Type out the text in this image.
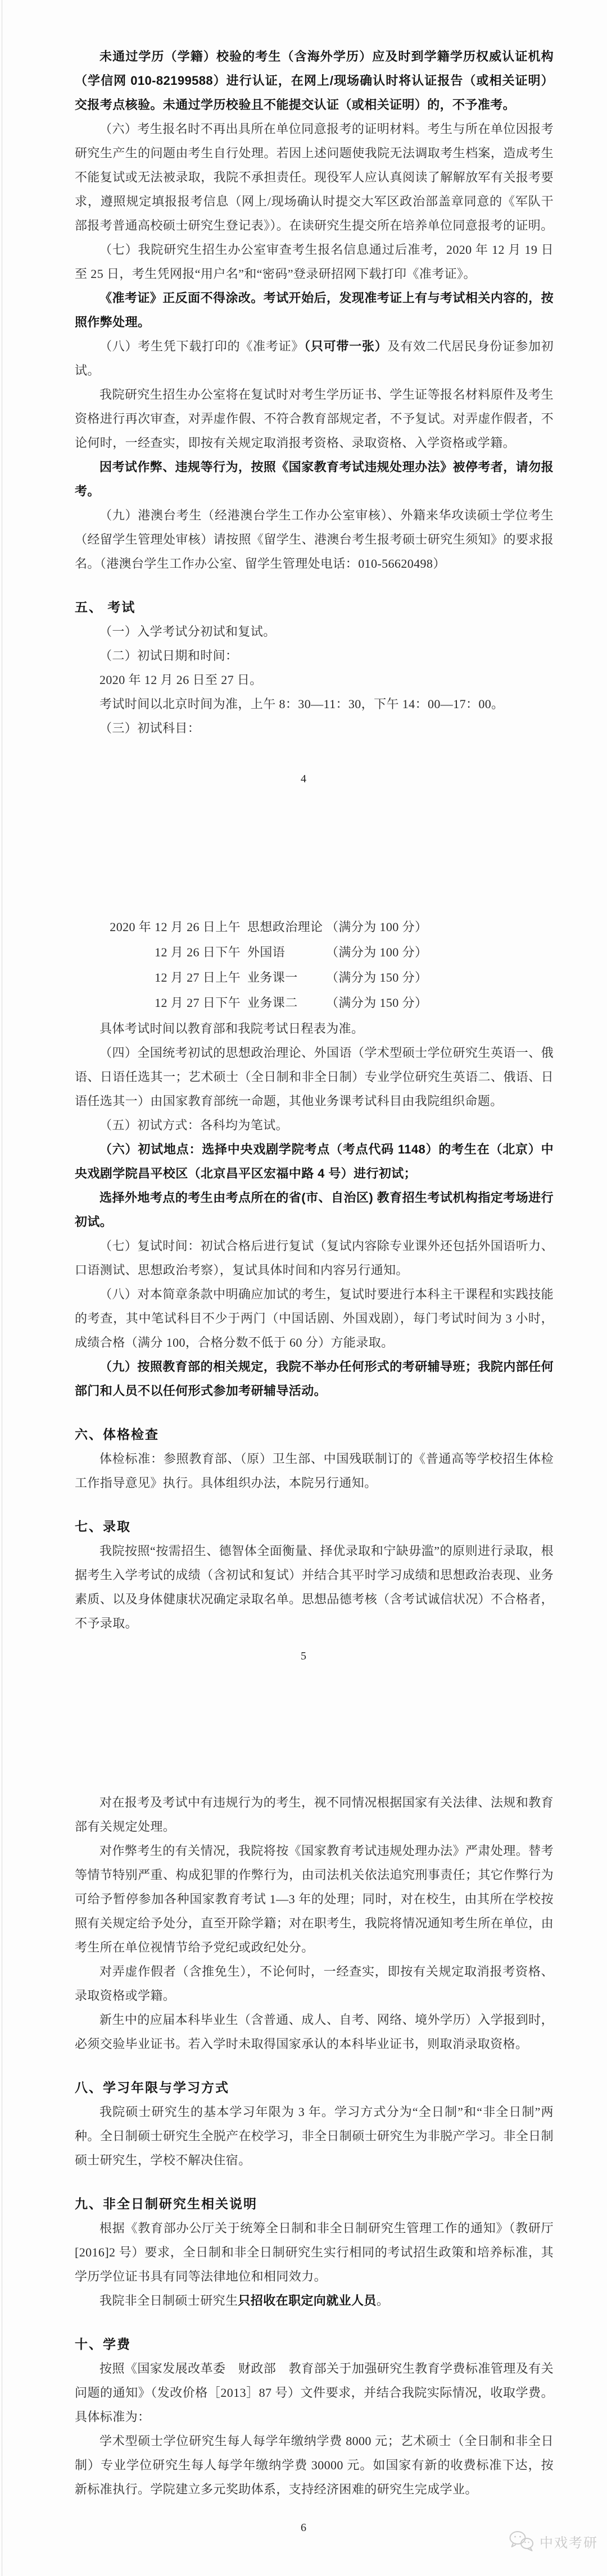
未通过学历（学籍）校验的考生（含海外学历）应及时到学籍学历权威认证机构（学信网 010-82199588）进行认证，在网上/现场确认时将认证报告（或相关证明）交报考点核验。未通过学历校验且不能提交认证（或相关证明）的，不予准考。

（六）考生报名时不再出具所在单位同意报考的证明材料。考生与所在单位因报考研究生产生的问题由考生自行处理。若因上述问题使我院无法调取考生档案，造成考生不能复试或无法被录取，我院不承担责任。现役军人应认真阅读了解解放军有关报考要求，遵照规定填报报考信息（网上/现场确认时提交大军区政治部盖章同意的《军队干部报考普通高校硕士研究生登记表》）。在读研究生提交所在培养单位同意报考的证明。

（七）我院研究生招生办公室审查考生报名信息通过后准考，2020 年 12 月 19 日至 25 日，考生凭网报“用户名”和“密码”登录研招网下载打印《准考证》。

《准考证》正反面不得涂改。考试开始后，发现准考证上有与考试相关内容的，按照作弊处理。

（八）考生凭下载打印的《准考证》（只可带一张）及有效二代居民身份证参加初试。

我院研究生招生办公室将在复试时对考生学历证书、学生证等报名材料原件及考生资格进行再次审查，对弄虚作假、不符合教育部规定者，不予复试。对弄虚作假者，不论何时，一经查实，即按有关规定取消报考资格、录取资格、入学资格或学籍。

因考试作弊、违规等行为，按照《国家教育考试违规处理办法》被停考者，请勿报考。

（九）港澳台考生（经港澳台学生工作办公室审核）、外籍来华攻读硕士学位考生（经留学生管理处审核）请按照《留学生、港澳台考生报考硕士研究生须知》的要求报名。（港澳台学生工作办公室、留学生管理处电话：010-56620498）

五、 考试

（一）入学考试分初试和复试。

（二）初试日期和时间：

2020 年 12 月 26 日至 27 日。

考试时间以北京时间为准，上午 8：30—11：30，下午 14：00—17：00。

（三）初试科目：

4
2020 年 12 月 26 日上午 思想政治理论 （满分为 100 分）
12 月 26 日下午 外国语	（满分为 100 分）
12 月 27 日上午 业务课一	（满分为 150 分）
12 月 27 日下午 业务课二	（满分为 150 分）

具体考试时间以教育部和我院考试日程表为准。

（四）全国统考初试的思想政治理论、外国语（学术型硕士学位研究生英语一、俄语、日语任选其一；艺术硕士（全日制和非全日制）专业学位研究生英语二、俄语、日语任选其一）由国家教育部统一命题，其他业务课考试科目由我院组织命题。

（五）初试方式：各科均为笔试。

（六）初试地点：选择中央戏剧学院考点（考点代码 1148）的考生在（北京）中央戏剧学院昌平校区（北京昌平区宏福中路 4 号）进行初试；

选择外地考点的考生由考点所在的省(市、自治区) 教育招生考试机构指定考场进行初试。

（七）复试时间：初试合格后进行复试（复试内容除专业课外还包括外国语听力、口语测试、思想政治考察），复试具体时间和内容另行通知。

（八）对本简章条款中明确应加试的考生，复试时要进行本科主干课程和实践技能的考查，其中笔试科目不少于两门（中国话剧、外国戏剧），每门考试时间为 3 小时，成绩合格（满分 100，合格分数不低于 60 分）方能录取。

（九）按照教育部的相关规定，我院不举办任何形式的考研辅导班；我院内部任何部门和人员不以任何形式参加考研辅导活动。

六、体格检查

体检标准：参照教育部、（原）卫生部、中国残联制订的《普通高等学校招生体检工作指导意见》执行。具体组织办法，本院另行通知。

七、录取

我院按照“按需招生、德智体全面衡量、择优录取和宁缺毋滥”的原则进行录取，根据考生入学考试的成绩（含初试和复试）并结合其平时学习成绩和思想政治表现、业务素质、以及身体健康状况确定录取名单。思想品德考核（含考试诚信状况）不合格者，不予录取。

5

对在报考及考试中有违规行为的考生，视不同情况根据国家有关法律、法规和教育部有关规定处理。

对作弊考生的有关情况，我院将按《国家教育考试违规处理办法》严肃处理。替考等情节特别严重、构成犯罪的作弊行为，由司法机关依法追究刑事责任；其它作弊行为可给予暂停参加各种国家教育考试 1—3 年的处理；同时，对在校生，由其所在学校按照有关规定给予处分，直至开除学籍；对在职考生，我院将情况通知考生所在单位，由考生所在单位视情节给予党纪或政纪处分。

对弄虚作假者（含推免生），不论何时，一经查实，即按有关规定取消报考资格、录取资格或学籍。

新生中的应届本科毕业生（含普通、成人、自考、网络、境外学历）入学报到时，必须交验毕业证书。若入学时未取得国家承认的本科毕业证书，则取消录取资格。

八、学习年限与学习方式

我院硕士研究生的基本学习年限为 3 年。学习方式分为“全日制”和“非全日制”两种。全日制硕士研究生全脱产在校学习，非全日制硕士研究生为非脱产学习。非全日制硕士研究生，学校不解决住宿。

九、非全日制研究生相关说明

根据《教育部办公厅关于统筹全日制和非全日制研究生管理工作的通知》（教研厅[2016]2 号）要求，全日制和非全日制研究生实行相同的考试招生政策和培养标准，其学历学位证书具有同等法律地位和相同效力。

我院非全日制硕士研究生只招收在职定向就业人员。

十、学费

按照《国家发展改革委　财政部　教育部关于加强研究生教育学费标准管理及有关问题的通知》（发改价格［2013］87 号）文件要求，并结合我院实际情况，收取学费。具体标准为：

学术型硕士学位研究生每人每学年缴纳学费 8000 元；艺术硕士（全日制和非全日制）专业学位研究生每人每学年缴纳学费 30000 元。如国家有新的收费标准下达，按新标准执行。学院建立多元奖助体系，支持经济困难的研究生完成学业。

6
中戏考研
